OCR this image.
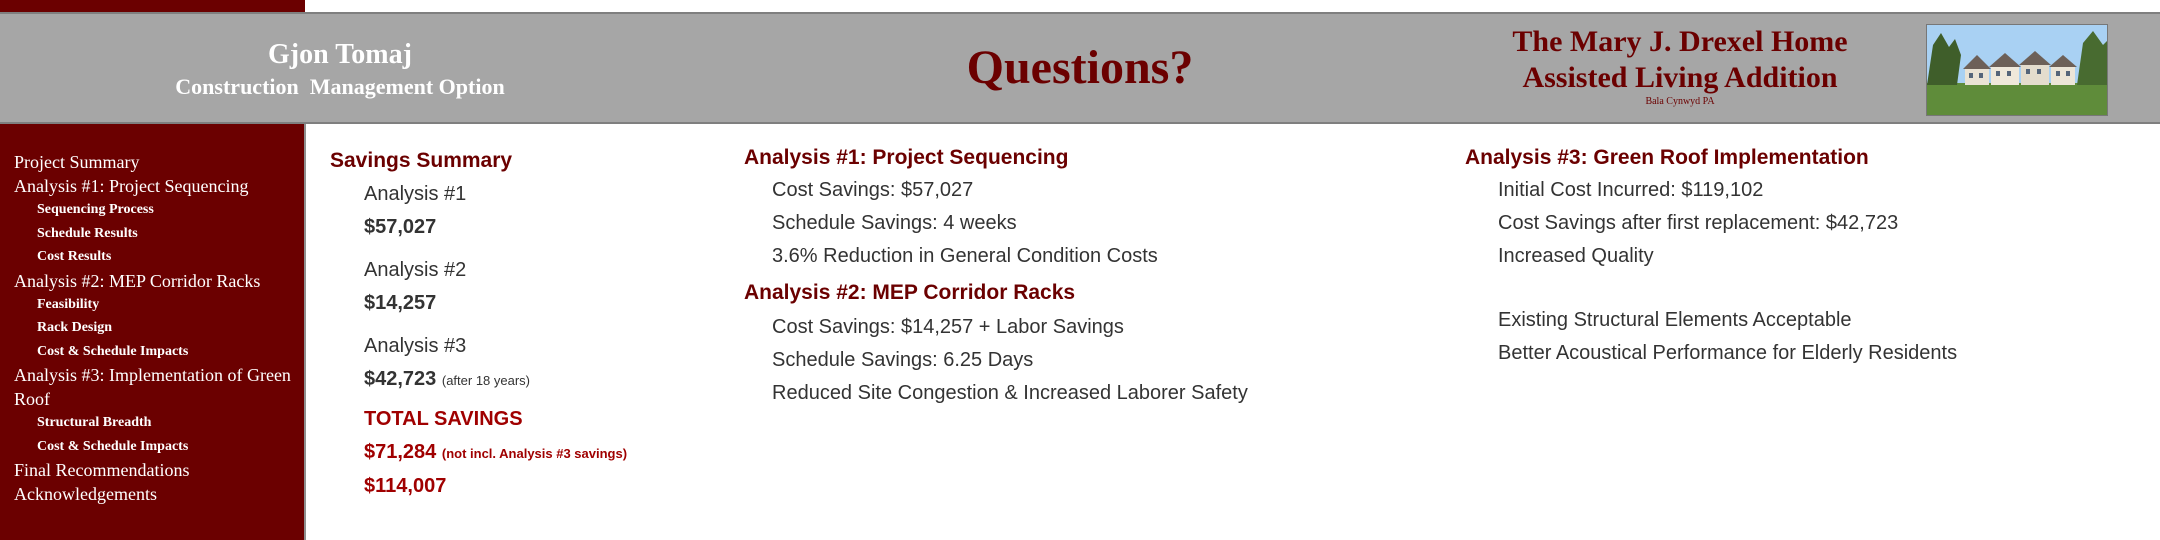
Gjon Tomaj
Construction  Management Option	Questions?	The Mary J. Drexel Home
Assisted Living Addition
Bala Cynwyd PA
Project Summary
Analysis #1: Project Sequencing
Sequencing Process
Schedule Results
Cost Results
Analysis #2: MEP Corridor Racks
Feasibility
Rack Design
Cost & Schedule Impacts
Analysis #3: Implementation of Green Roof
Structural Breadth
Cost & Schedule Impacts
Final Recommendations
Acknowledgements
Savings Summary
Analysis #1
$57,027
Analysis #2
$14,257
Analysis #3
$42,723 (after 18 years)
TOTAL SAVINGS
$71,284 (not incl. Analysis #3 savings)
$114,007
Analysis #1: Project Sequencing
Cost Savings: $57,027
Schedule Savings: 4 weeks
3.6% Reduction in General Condition Costs
Analysis #2: MEP Corridor Racks
Cost Savings: $14,257 + Labor Savings
Schedule Savings: 6.25 Days
Reduced Site Congestion & Increased Laborer Safety
Analysis #3: Green Roof Implementation
Initial Cost Incurred: $119,102
Cost Savings after first replacement: $42,723
Increased Quality
Existing Structural Elements Acceptable
Better Acoustical Performance for Elderly Residents
